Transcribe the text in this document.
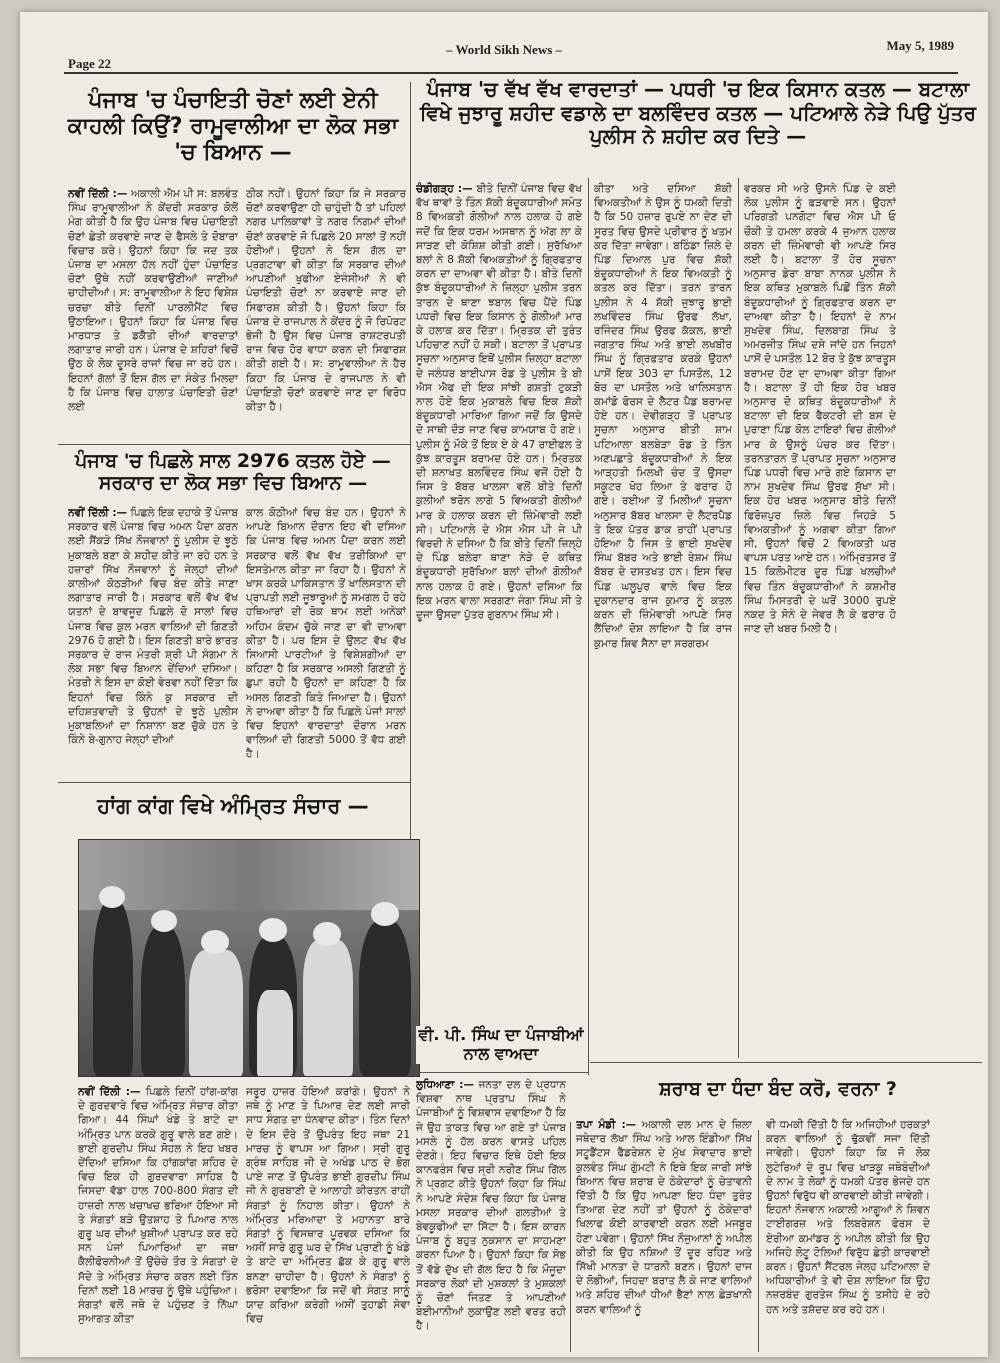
Page 22
– World Sikh News –	May 5, 1989
ਪੰਜਾਬ 'ਚ ਪੰਚਾਇਤੀ ਚੋਣਾਂ ਲਈ ਏਨੀ ਕਾਹਲੀ ਕਿਉਂ? ਰਾਮੂਵਾਲੀਆ ਦਾ ਲੋਕ ਸਭਾ 'ਚ ਬਿਆਨ —
ਨਵੀਂ ਦਿੱਲੀ :— ਅਕਾਲੀ ਐਮ ਪੀ ਸ: ਬਲਵੰਤ ਸਿੰਘ ਰਾਮੂਵਾਲੀਆ ਨੇ ਕੇਂਦਰੀ ਸਰਕਾਰ ਕੋਲੋਂ ਮੰਗ ਕੀਤੀ ਹੈ ਕਿ ਉਹ ਪੰਜਾਬ ਵਿਚ ਪੰਚਾਇਤੀ ਚੋਣਾਂ ਛੇਤੀ ਕਰਵਾਏ ਜਾਣ ਦੇ ਫੈਸਲੇ ਤੇ ਦੋਬਾਰਾ ਵਿਚਾਰ ਕਰੇ। ਉਹਨਾਂ ਕਿਹਾ ਕਿ ਜਦ ਤਕ ਪੰਜਾਬ ਦਾ ਮਸਲਾ ਹੱਲ ਨਹੀਂ ਹੁੰਦਾ ਪੰਚਾਇਤ ਚੋਣਾਂ ਉਥੇ ਨਹੀਂ ਕਰਵਾਉਣੀਆਂ ਜਾਣੀਆਂ ਚਾਹੀਦੀਆਂ। ਸ: ਰਾਮੂਵਾਲੀਆ ਨੇ ਇਹ ਵਿਸ਼ੇਸ਼ ਚਰਚਾ ਬੀਤੇ ਦਿਨੀਂ ਪਾਰਲੀਮੈਂਟ ਵਿਚ ਉਠਾਇਆ। ਉਹਨਾਂ ਕਿਹਾ ਕਿ ਪੰਜਾਬ ਵਿਚ ਮਾਰਧਾੜ ਤੇ ਡਕੈਤੀ ਦੀਆਂ ਵਾਰਦਾਤਾਂ ਲਗਾਤਾਰ ਜਾਰੀ ਹਨ। ਪੰਜਾਬ ਦੇ ਸ਼ਹਿਰਾਂ ਵਿਚੋਂ ਉਠ ਕੇ ਲੋਕ ਦੂਸਰੇ ਰਾਜਾਂ ਵਿਚ ਜਾ ਰਹੇ ਹਨ। ਇਹਨਾਂ ਗੱਲਾਂ ਤੋਂ ਇਸ ਗੱਲ ਦਾ ਸੰਕੇਤ ਮਿਲਦਾ ਹੈ ਕਿ ਪੰਜਾਬ ਵਿਚ ਹਾਲਾਤ ਪੰਚਾਇਤੀ ਚੋਣਾਂ ਲਈ
ਠੀਕ ਨਹੀਂ। ਉਹਨਾਂ ਕਿਹਾ ਕਿ ਜੇ ਸਰਕਾਰ ਚੋਣਾਂ ਕਰਵਾਉਣਾ ਹੀ ਚਾਹੁੰਦੀ ਹੈ ਤਾਂ ਪਹਿਲਾਂ ਨਗਰ ਪਾਲਿਕਾਵਾਂ ਤੇ ਨਗਰ ਨਿਗਮਾਂ ਦੀਆਂ ਚੋਣਾਂ ਕਰਵਾਏ ਜੋ ਪਿਛਲੇ 20 ਸਾਲਾਂ ਤੋਂ ਨਹੀਂ ਹੋਈਆਂ। ਉਹਨਾਂ ਨੇ ਇਸ ਗੱਲ ਦਾ ਪ੍ਰਗਟਾਵਾ ਵੀ ਕੀਤਾ ਕਿ ਸਰਕਾਰ ਦੀਆਂ ਆਪਣੀਆਂ ਖੁਫੀਆ ਏਜੰਸੀਆਂ ਨੇ ਵੀ ਪੰਚਾਇਤੀ ਚੋਣਾਂ ਨਾ ਕਰਵਾਏ ਜਾਣ ਦੀ ਸਿਫਾਰਸ਼ ਕੀਤੀ ਹੈ। ਉਹਨਾਂ ਕਿਹਾ ਕਿ ਪੰਜਾਬ ਦੇ ਰਾਜਪਾਲ ਨੇ ਕੇਂਦਰ ਨੂੰ ਜੋ ਰਿਪੋਰਟ ਭੇਜੀ ਹੈ ਉਸ ਵਿਚ ਪੰਜਾਬ ਰਾਸ਼ਟਰਪਤੀ ਰਾਜ ਵਿਚ ਹੋਰ ਵਾਧਾ ਕਰਨ ਦੀ ਸਿਫਾਰਸ਼ ਕੀਤੀ ਗਈ ਹੈ। ਸ: ਰਾਮੂਵਾਲੀਆ ਨੇ ਹੈਰ ਕਿਹਾ ਕਿ ਪੰਜਾਬ ਦੇ ਰਾਜਪਾਲ ਨੇ ਵੀ ਪੰਚਾਇਤੀ ਚੋਣਾਂ ਕਰਵਾਏ ਜਾਣ ਦਾ ਵਿਰੋਧ ਕੀਤਾ ਹੈ।
ਪੰਜਾਬ 'ਚ ਪਿਛਲੇ ਸਾਲ 2976 ਕਤਲ ਹੋਏ — ਸਰਕਾਰ ਦਾ ਲੋਕ ਸਭਾ ਵਿਚ ਬਿਆਨ —
ਨਵੀਂ ਦਿੱਲੀ :— ਪਿਛਲੇ ਇਕ ਦਹਾਕੇ ਤੋਂ ਪੰਜਾਬ ਸਰਕਾਰ ਵਲੋਂ ਪੰਜਾਬ ਵਿਚ ਅਮਨ ਪੈਦਾ ਕਰਨ ਲਈ ਸੈਂਕੜੇ ਸਿੱਖ ਨੌਜਵਾਨਾਂ ਨੂੰ ਪੁਲੀਸ ਦੇ ਝੂਠੇ ਮੁਕਾਬਲੇ ਬਣਾ ਕੇ ਸ਼ਹੀਦ ਕੀਤੇ ਜਾ ਰਹੇ ਹਨ ਤੇ ਹਜ਼ਾਰਾਂ ਸਿੱਖ ਨੌਜਵਾਨਾਂ ਨੂੰ ਜੇਲ੍ਹਾਂ ਦੀਆਂ ਕਾਲੀਆਂ ਕੋਠੜੀਆਂ ਵਿਚ ਬੰਦ ਕੀਤੇ ਜਾਣਾ ਲਗਾਤਾਰ ਜਾਰੀ ਹੈ। ਸਰਕਾਰ ਵਲੋਂ ਵੱਖ ਵੱਖ ਯਤਨਾਂ ਦੇ ਬਾਵਜੂਦ ਪਿਛਲੇ ਦੋ ਸਾਲਾਂ ਵਿਚ ਪੰਜਾਬ ਵਿਚ ਕੁਲ ਮਰਨ ਵਾਲਿਆਂ ਦੀ ਗਿਣਤੀ 2976 ਹੋ ਗਈ ਹੈ। ਇਸ ਗਿਣਤੀ ਬਾਰੇ ਭਾਰਤ ਸਰਕਾਰ ਦੇ ਰਾਜ ਮੰਤਰੀ ਸ਼੍ਰੀ ਪੀ ਸੰਗਮਾ ਨੇ ਲੋਕ ਸਭਾ ਵਿਚ ਬਿਆਨ ਦੇਂਦਿਆਂ ਦਸਿਆ। ਮੰਤਰੀ ਨੇ ਇਸ ਦਾ ਕੋਈ ਵੇਰਵਾ ਨਹੀਂ ਦਿੱਤਾ ਕਿ ਇਹਨਾਂ ਵਿਚ ਕਿੰਨੇ ਕੁ ਸਰਕਾਰ ਦੀ ਦਹਿਸ਼ਤਵਾਦੀ ਤੇ ਉਹਨਾਂ ਦੇ ਝੂਠੇ ਪੁਲੀਸ ਮੁਕਾਬਲਿਆਂ ਦਾ ਨਿਸ਼ਾਨਾ ਬਣ ਚੁੱਕੇ ਹਨ ਤੇ ਕਿੰਨੇ ਬੇ-ਗੁਨਾਹ ਜੇਲ੍ਹਾਂ ਦੀਆਂ
ਕਾਲ ਕੋਠੀਆਂ ਵਿਚ ਬੰਦ ਹਨ। ਉਹਨਾਂ ਨੇ ਆਪਣੇ ਬਿਆਨ ਦੌਰਾਨ ਇਹ ਵੀ ਦਸਿਆ ਕਿ ਪੰਜਾਬ ਵਿਚ ਅਮਨ ਪੈਦਾ ਕਰਨ ਲਈ ਸਰਕਾਰ ਵਲੋਂ ਵੱਖ ਵੱਖ ਤਰੀਕਿਆਂ ਦਾ ਇਸਤੇਮਾਲ ਕੀਤਾ ਜਾ ਰਿਹਾ ਹੈ। ਉਹਨਾਂ ਨੇ ਖਾਸ ਕਰਕੇ ਪਾਕਿਸਤਾਨ ਤੋਂ ਖਾਲਿਸਤਾਨ ਦੀ ਪ੍ਰਾਪਤੀ ਲਈ ਜੂਝਾਰੂਆਂ ਨੂੰ ਸਮਗਲ ਹੋ ਰਹੇ ਹਥਿਆਰਾਂ ਦੀ ਰੋਕ ਥਾਮ ਲਈ ਅਨੇਕਾਂ ਅਹਿਮ ਕੰਦਮ ਚੁੱਕੇ ਜਾਣ ਦਾ ਵੀ ਦਾਅਵਾ ਕੀਤਾ ਹੈ। ਪਰ ਇਸ ਦੇ ਉਲਟ ਵੱਖ ਵੱਖ ਸਿਆਸੀ ਪਾਰਟੀਆਂ ਤੇ ਵਿਸ਼ੇਸ਼ਗੀਆਂ ਦਾ ਕਹਿਣਾ ਹੈ ਕਿ ਸਰਕਾਰ ਅਸਲੀ ਗਿਣਤੀ ਨੂੰ ਛੁਪਾ ਰਹੀ ਹੈ ਉਹਨਾਂ ਦਾ ਕਹਿਣਾ ਹੈ ਕਿ ਅਸਲ ਗਿਣਤੀ ਕਿਤੇ ਜਿਆਦਾ ਹੈ। ਉਹਨਾਂ ਨੇ ਦਾਅਵਾ ਕੀਤਾ ਹੈ ਕਿ ਪਿਛਲੇ ਪੰਜਾਂ ਸਾਲਾਂ ਵਿਚ ਇਹਨਾਂ ਵਾਰਦਾਤਾਂ ਦੌਰਾਨ ਮਰਨ ਵਾਲਿਆਂ ਦੀ ਗਿਣਤੀ 5000 ਤੋਂ ਵੱਧ ਗਈ ਹੈ।
ਹਾਂਗ ਕਾਂਗ ਵਿਖੇ ਅੰਮ੍ਰਿਤ ਸੰਚਾਰ —
ਨਵੀਂ ਦਿੱਲੀ :— ਪਿਛਲੇ ਦਿਨੀਂ ਹਾਂਗ-ਕਾਂਗ ਦੇ ਗੁਰਦਵਾਰੇ ਵਿਚ ਅੰਮ੍ਰਿਤ ਸੰਚਾਰ ਕੀਤਾ ਗਿਆ। 44 ਸਿੰਘਾਂ ਖੰਡੇ ਤੇ ਬਾਟੇ ਦਾ ਅੰਮ੍ਰਿਤ ਪਾਨ ਕਰਕੇ ਗੁਰੂ ਵਾਲੇ ਬਣ ਗਏ। ਭਾਈ ਗੁਰਦੀਪ ਸਿੰਘ ਸੋਹਲ ਨੇ ਇਹ ਖਬਰ ਦੇਂਦਿਆਂ ਦਸਿਆ ਕਿ ਹਾਂਗਕਾਂਗ ਸ਼ਹਿਰ ਦੇ ਵਿਚ ਇਕ ਹੀ ਗੁਰਦਵਾਰਾ ਸਾਹਿਬ ਹੈ ਜਿਸਦਾ ਵੱਡਾ ਹਾਲ 700-800 ਸੰਗਤ ਦੀ ਹਾਜ਼ਰੀ ਨਾਲ ਖਚਾਖਚ ਭਰਿਆ ਹੋਇਆ ਸੀ ਤੇ ਸੰਗਤਾਂ ਬੜੇ ਉਤਸ਼ਾਹ ਤੇ ਪਿਆਰ ਨਾਲ ਗੁਰੂ ਘਰ ਦੀਆਂ ਖੁਸ਼ੀਆਂ ਪ੍ਰਾਪਤ ਕਰ ਰਹੇ ਸਨ ਪੰਜਾਂ ਪਿਆਰਿਆਂ ਦਾ ਜਥਾ ਕੈਲੀਫੋਰਨੀਆਂ ਤੋਂ ਉਚੇਚੇ ਤੌਰ ਤੇ ਸੰਗਤਾਂ ਦੇ ਸੱਦੇ ਤੇ ਅੰਮ੍ਰਿਤ ਸੰਚਾਰ ਕਰਨ ਲਈ ਤਿੰਨ ਦਿਨਾਂ ਲਈ 18 ਮਾਰਚ ਨੂੰ ਉਥੇ ਪਹੁੰਚਿਆ। ਸੰਗਤਾਂ ਵਲੋਂ ਜਥੇ ਦੇ ਪਹੁੰਚਣ ਤੇ ਨਿੱਘਾ ਸੁਆਗਤ ਕੀਤਾ
ਜਰੂਰ ਹਾਜ਼ਰ ਹੋਇਆਂ ਕਰਾਂਗੇ। ਉਹਨਾਂ ਨੇ ਜਥੇ ਨੂੰ ਮਾਣ ਤੇ ਪਿਆਰ ਦੇਣ ਲਈ ਸਾਰੀ ਸਾਧ ਸੰਗਤ ਦਾ ਧੰਨਵਾਦ ਕੀਤਾ। ਤਿੰਨ ਦਿਨਾਂ ਦੇ ਇਸ ਦੌਰੇ ਤੋਂ ਉਪਰੰਤ ਇਹ ਜਥਾ 21 ਮਾਰਚ ਨੂੰ ਵਾਪਸ ਆ ਗਿਆ। ਸ੍ਰੀ ਗੁਰੂ ਗ੍ਰੰਥ ਸਾਹਿਬ ਜੀ ਦੇ ਅਖੰਡ ਪਾਠ ਦੇ ਭੋਗ ਪਾਏ ਜਾਣ ਤੋਂ ਉਪਰੰਤ ਭਾਈ ਗੁਰਦੀਪ ਸਿੰਘ ਜੀ ਨੇ ਗੁਰਬਾਣੀ ਦੇ ਆਲਾਹੀ ਕੀਰਤਨ ਰਾਹੀਂ ਸੰਗਤਾਂ ਨੂੰ ਨਿਹਾਲ ਕੀਤਾ। ਉਹਨਾਂ ਨੇ ਅੰਮ੍ਰਿਤ ਮਰਿਆਦਾ ਤੇ ਮਹਾਨਤਾ ਬਾਰੇ ਸੰਗਤਾਂ ਨੂੰ ਵਿਸਥਾਰ ਪੂਰਵਕ ਦਸਿਆ ਕਿ ਅਸੀਂ ਸਾਰੇ ਗੁਰੂ ਘਰ ਦੇ ਸਿੱਖ ਪ੍ਰਾਣੀ ਨੂੰ ਖੰਡੇ ਤੇ ਬਾਟੇ ਦਾ ਅੰਮ੍ਰਿਤ ਛੱਕ ਕੇ ਗੁਰੂ ਵਾਲੇ ਬਨਣਾ ਚਾਹੀਦਾ ਹੈ। ਉਹਨਾਂ ਨੇ ਸੰਗਤਾਂ ਨੂੰ ਭਰੋਸਾ ਦਵਾਇਆ ਕਿ ਜਦੋਂ ਵੀ ਸੰਗਤ ਸਾਨੂੰ ਯਾਦ ਕਰਿਆ ਕਰੇਗੀ ਅਸੀਂ ਤੁਹਾਡੀ ਸੇਵਾ ਵਿਚ
ਪੰਜਾਬ 'ਚ ਵੱਖ ਵੱਖ ਵਾਰਦਾਤਾਂ — ਪਧਰੀ 'ਚ ਇਕ ਕਿਸਾਨ ਕਤਲ — ਬਟਾਲਾ ਵਿਖੇ ਜੁਝਾਰੂ ਸ਼ਹੀਦ ਵਡਾਲੇ ਦਾ ਬਲਵਿੰਦਰ ਕਤਲ — ਪਟਿਆਲੇ ਨੇੜੇ ਪਿਉ ਪੁੱਤਰ ਪੁਲੀਸ ਨੇ ਸ਼ਹੀਦ ਕਰ ਦਿਤੇ —
ਚੰਡੀਗੜ੍ਹ :— ਬੀਤੇ ਦਿਨੀਂ ਪੰਜਾਬ ਵਿਚ ਵੱਖ ਵੱਖ ਥਾਵਾਂ ਤੇ ਤਿੰਨ ਸ਼ੱਕੀ ਬੰਦੂਕਧਾਰੀਆਂ ਸਮੇਤ 8 ਵਿਅਕਤੀ ਗੋਲੀਆਂ ਨਾਲ ਹਲਾਕ ਹੋ ਗਏ ਜਦੋਂ ਕਿ ਇਕ ਧਰਮ ਅਸਥਾਨ ਨੂੰ ਅੱਗ ਲਾ ਕੇ ਸਾੜਣ ਦੀ ਕੋਸ਼ਿਸ਼ ਕੀਤੀ ਗਈ। ਸੁਰੱਖਿਆ ਬਲਾਂ ਨੇ 8 ਸ਼ੱਕੀ ਵਿਅਕਤੀਆਂ ਨੂੰ ਗ੍ਰਿਫਤਾਰ ਕਰਨ ਦਾ ਦਾਅਵਾ ਵੀ ਕੀਤਾ ਹੈ। ਬੀਤੇ ਦਿਨੀਂ ਕੁੱਝ ਬੰਦੂਕਧਾਰੀਆਂ ਨੇ ਜ਼ਿਲ੍ਹਾ ਪੁਲੀਸ ਤਰਨ ਤਾਰਨ ਦੇ ਥਾਣਾ ਝਬਾਲ ਵਿਚ ਪੈਂਦੇ ਪਿੰਡ ਪਧਰੀ ਵਿਚ ਇਕ ਕਿਸਾਨ ਨੂੰ ਗੋਲੀਆਂ ਮਾਰ ਕੇ ਹਲਾਕ ਕਰ ਦਿੱਤਾ। ਮ੍ਰਿਤਕ ਦੀ ਤੁਰੰਤ ਪਹਿਚਾਣ ਨਹੀਂ ਹੋ ਸਕੀ। ਬਟਾਲਾ ਤੋਂ ਪ੍ਰਾਪਤ ਸੂਚਨਾ ਅਨੁਸਾਰ ਇਥੋਂ ਪੁਲੀਸ ਜ਼ਿਲ੍ਹਾ ਬਟਾਲਾ ਦੇ ਜਲੰਧਰ ਬਾਈਪਾਸ ਰੋਡ ਤੇ ਪੁਲੀਸ ਤੇ ਬੀ ਐਸ ਐਫ ਦੀ ਇਕ ਸਾਂਝੀ ਗਸ਼ਤੀ ਟੁਕੜੀ ਨਾਲ ਹੋਏ ਇਕ ਮੁਕਾਬਲੇ ਵਿਚ ਇਕ ਸ਼ੱਕੀ ਬੰਦੂਕਧਾਰੀ ਮਾਰਿਆ ਗਿਆ ਜਦੋਂ ਕਿ ਉਸਦੇ ਦੋ ਸਾਥੀ ਦੌੜ ਜਾਣ ਵਿਚ ਕਾਮਯਾਬ ਹੋ ਗਏ। ਪੁਲੀਸ ਨੂੰ ਮੌਕੇ ਤੋਂ ਇਕ ਏ ਕੇ 47 ਰਾਈਫਲ ਤੇ ਕੁੱਝ ਕਾਰਤੂਸ ਬਰਾਮਦ ਹੋਏ ਹਨ। ਮ੍ਰਿਤਕ ਦੀ ਸ਼ਨਾਖਤ ਬਲਵਿੰਦਰ ਸਿੰਘ ਵਜੋਂ ਹੋਈ ਹੈ ਜਿਸ ਤੇ ਬੱਬਰ ਖਾਲਸਾ ਵਲੋਂ ਬੀਤੇ ਦਿਨੀਂ ਕੁਲੀਆਂ ਝਰੋਨ ਲਾਗੇ 5 ਵਿਅਕਤੀ ਗੋਲੀਆਂ ਮਾਰ ਕੇ ਹਲਾਕ ਕਰਨ ਦੀ ਜ਼ਿੰਮੇਵਾਰੀ ਲਈ ਸੀ। ਪਟਿਆਲੇ ਦੇ ਐਸ ਐਸ ਪੀ ਜੇ ਪੀ ਵਿਰਦੀ ਨੇ ਦਸਿਆ ਹੈ ਕਿ ਬੀਤੇ ਦਿਨੀਂ ਜ਼ਿਲ੍ਹੇ ਦੇ ਪਿੰਡ ਬਲੇਰਾ ਥਾਣਾ ਨੇੜੇ ਦੋ ਕਥਿਤ ਬੰਦੂਕਧਾਰੀ ਸੁਰੱਖਿਆ ਬਲਾਂ ਦੀਆਂ ਗੋਲੀਆਂ ਨਾਲ ਹਲਾਕ ਹੋ ਗਏ। ਉਹਨਾਂ ਦਸਿਆ ਕਿ ਇਕ ਮਰਨ ਵਾਲਾ ਸਰਗਣਾ ਜੰਗਾ ਸਿੰਘ ਸੀ ਤੇ ਦੂਜਾ ਉਸਦਾ ਪੁੱਤਰ ਗੁਰਨਾਮ ਸਿੰਘ ਸੀ।
ਕੀਤਾ ਅਤੇ ਦਸਿਆ ਸ਼ੱਕੀ ਵਿਅਕਤੀਆਂ ਨੇ ਉਸ ਨੂੰ ਧਮਕੀ ਦਿਤੀ ਹੈ ਕਿ 50 ਹਜ਼ਾਰ ਰੁਪਏ ਨਾ ਦੇਣ ਦੀ ਸੂਰਤ ਵਿਚ ਉਸਦੇ ਪ੍ਰੀਵਾਰ ਨੂੰ ਖਤਮ ਕਰ ਦਿੱਤਾ ਜਾਵੇਗਾ। ਬਠਿੰਡਾ ਜ਼ਿਲੇ ਦੇ ਪਿੰਡ ਦਿਆਲ ਪੁਰ ਵਿਚ ਸ਼ੱਕੀ ਬੰਦੂਕਧਾਰੀਆਂ ਨੇ ਇਕ ਵਿਅਕਤੀ ਨੂੰ ਕਤਲ ਕਰ ਦਿੱਤਾ। ਤਰਨ ਤਾਰਨ ਪੁਲੀਸ ਨੇ 4 ਸ਼ੱਕੀ ਜੁਝਾਰੂ ਭਾਈ ਲਖਵਿੰਦਰ ਸਿੰਘ ਉਰਫ ਲੱਖਾ, ਰਜਿੰਦਰ ਸਿੰਘ ਉਰਫ ਕੱਕਲ, ਭਾਈ ਜਗਤਾਰ ਸਿੰਘ ਅਤੇ ਭਾਈ ਲਖਬੀਰ ਸਿੰਘ ਨੂੰ ਗ੍ਰਿਫਤਾਰ ਕਰਕੇ ਉਹਨਾਂ ਪਾਸੋਂ ਇਕ 303 ਦਾ ਪਿਸਤੌਲ, 12 ਬੋਰ ਦਾ ਪਸਤੌਲ ਅਤੇ ਖਾਲਿਸਤਾਨ ਕਮਾਂਡੋ ਫੋਰਸ ਦੇ ਲੈਟਰ ਪੈਡ ਬਰਾਮਦ ਹੋਏ ਹਨ। ਦੇਵੀਗੜ੍ਹ ਤੋਂ ਪ੍ਰਾਪਤ ਸੂਚਨਾ ਅਨੁਸਾਰ ਬੀਤੀ ਸ਼ਾਮ ਪਟਿਆਲਾ ਬਲਬੇੜਾ ਰੋਡ ਤੇ ਤਿੰਨ ਅਣਪਛਾਤੇ ਬੰਦੂਕਧਾਰੀਆਂ ਨੇ ਇਕ ਆੜ੍ਹਤੀ ਮਿਲਖੀ ਚੰਦ ਤੋਂ ਉਸਦਾ ਸਕੂਟਰ ਖੋਹ ਲਿਆ ਤੇ ਫਰਾਰ ਹੋ ਗਏ। ਰਈਆ ਤੋਂ ਮਿਲੀਆਂ ਸੂਚਨਾ ਅਨੁਸਾਰ ਬੱਬਰ ਖਾਲਸਾ ਦੇ ਲੈਟਰਪੈਡ ਤੇ ਇਕ ਪੱਤਰ ਡਾਕ ਰਾਹੀਂ ਪ੍ਰਾਪਤ ਹੋਇਆ ਹੈ ਜਿਸ ਤੇ ਭਾਈ ਸੁਖਦੇਵ ਸਿੰਘ ਬੱਬਰ ਅਤੇ ਭਾਈ ਰੇਸ਼ਮ ਸਿੰਘ ਬੱਬਰ ਦੇ ਦਸਤਖਤ ਹਨ। ਇਸ ਵਿਚ ਪਿੰਡ ਘਲੂਪੁਰ ਵਾਲੇ ਵਿਚ ਇਕ ਦੁਕਾਨਦਾਰ ਰਾਜ ਕੁਮਾਰ ਨੂੰ ਕਤਲ ਕਰਨ ਦੀ ਜ਼ਿੰਮੇਵਾਰੀ ਆਪਣੇ ਸਿਰ ਲੈਂਦਿਆਂ ਦੋਸ਼ ਲਾਇਆ ਹੈ ਕਿ ਰਾਜ ਕੁਮਾਰ ਸ਼ਿਵ ਸੈਨਾ ਦਾ ਸਰਗਰਮ
ਵਰਕਰ ਸੀ ਅਤੇ ਉਸਨੇ ਪਿੰਡ ਦੇ ਕਈ ਲੋਕ ਪੁਲੀਸ ਨੂੰ ਫੜਵਾਏ ਸਨ। ਉਹਨਾਂ ਪਰਿਗਤੀ ਪਨਗੋਟਾ ਵਿਚ ਐਸ ਪੀ ਓ ਚੌਕੀ ਤੇ ਹਮਲਾ ਕਰਕੇ 4 ਜੁਆਨ ਹਲਾਕ ਕਰਨ ਦੀ ਜ਼ਿੰਮੇਵਾਰੀ ਵੀ ਆਪਣੇ ਸਿਰ ਲਈ ਹੈ। ਬਟਾਲਾ ਤੋਂ ਹੋਰ ਸੂਚਨਾ ਅਨੁਸਾਰ ਡੇਰਾ ਬਾਬਾ ਨਾਨਕ ਪੁਲੀਸ ਨੇ ਇਕ ਕਥਿਤ ਮੁਕਾਬਲੇ ਪਿਛੋਂ ਤਿੰਨ ਸ਼ੱਕੀ ਬੰਦੂਕਧਾਰੀਆਂ ਨੂੰ ਗ੍ਰਿਫਤਾਰ ਕਰਨ ਦਾ ਦਾਅਵਾ ਕੀਤਾ ਹੈ। ਇਹਨਾਂ ਦੇ ਨਾਮ ਸੁਖਦੇਵ ਸਿੰਘ, ਦਿਲਬਾਗ ਸਿੰਘ ਤੇ ਅਮਰਜੀਤ ਸਿੰਘ ਦਸੇ ਜਾਂਦੇ ਹਨ ਜਿਹਨਾਂ ਪਾਸੋਂ ਦੋ ਪਸਤੌਲ 12 ਬੋਰ ਤੇ ਕੁੱਝ ਕਾਰਤੂਸ ਬਰਾਮਦ ਹੋਣ ਦਾ ਦਾਅਵਾ ਕੀਤਾ ਗਿਆ ਹੈ। ਬਟਾਲਾ ਤੋਂ ਹੀ ਇਕ ਹੋਰ ਖਬਰ ਅਨੁਸਾਰ ਦੋ ਕਥਿਤ ਬੰਦੂਕਧਾਰੀਆਂ ਨੇ ਬਟਾਲਾ ਦੀ ਇਕ ਫੈਕਟਰੀ ਦੀ ਬਸ ਦੇ ਪੁਰਾਣਾ ਪਿੰਡ ਕੋਲ ਟਾਇਰਾਂ ਵਿਚ ਗੋਲੀਆਂ ਮਾਰ ਕੇ ਉਸਨੂੰ ਪੰਚਰ ਕਰ ਦਿੱਤਾ। ਤਰਨਤਾਰਨ ਤੋਂ ਪ੍ਰਾਪਤ ਸੂਚਨਾ ਅਨੁਸਾਰ ਪਿੰਡ ਪਧਰੀ ਵਿਚ ਮਾਰੇ ਗਏ ਕਿਸਾਨ ਦਾ ਨਾਮ ਸੁਖਦੇਵ ਸਿੰਘ ਉਰਫ ਸੁੱਖਾ ਸੀ। ਇਕ ਹੋਰ ਖਬਰ ਅਨੁਸਾਰ ਬੀਤੇ ਦਿਨੀਂ ਫਿਰੋਜ਼ਪੁਰ ਜ਼ਿਲੇ ਵਿਚ ਜਿਹੜੇ 5 ਵਿਅਕਤੀਆਂ ਨੂੰ ਅਗਵਾ ਕੀਤਾ ਗਿਆ ਸੀ, ਉਹਨਾਂ ਵਿਚੋਂ 2 ਵਿਅਕਤੀ ਘਰ ਵਾਪਸ ਪਰਤ ਆਏ ਹਨ। ਅੰਮ੍ਰਿਤਸਰ ਤੋਂ 15 ਕਿਲੋਮੀਟਰ ਦੂਰ ਪਿੰਡ ਖਲਚੀਆਂ ਵਿਚ ਤਿੰਨ ਬੰਦੂਕਧਾਰੀਆਂ ਨੇ ਕਸ਼ਮੀਰ ਸਿੰਘ ਮਿਸਤਰੀ ਦੇ ਘਰੋਂ 3000 ਰੁਪਏ ਨਕਦ ਤੇ ਸੋਨੇ ਦੇ ਜੇਵਰ ਲੈ ਕੇ ਫਰਾਰ ਹੋ ਜਾਣ ਦੀ ਖਬਰ ਮਿਲੀ ਹੈ।
ਵੀ. ਪੀ. ਸਿੰਘ ਦਾ ਪੰਜਾਬੀਆਂ ਨਾਲ ਵਾਅਦਾ
ਲੁਧਿਆਣਾ :— ਜਨਤਾ ਦਲ ਦੇ ਪ੍ਰਧਾਨ ਵਿਸ਼ਵਾ ਨਾਥ ਪ੍ਰਤਾਪ ਸਿੰਘ ਨੇ ਪੰਜਾਬੀਆਂ ਨੂੰ ਵਿਸ਼ਵਾਸ ਦਵਾਇਆ ਹੈ ਕਿ ਜੇ ਉਹ ਤਾਕਤ ਵਿਚ ਆ ਗਏ ਤਾਂ ਪੰਜਾਬ ਮਸਲੇ ਨੂੰ ਹੱਲ ਕਰਨ ਵਾਸਤੇ ਪਹਿਲ ਦੇਣਗੇ। ਇਹ ਵਿਚਾਰ ਇਥੇ ਹੋਈ ਇਕ ਕਾਨਫਰੰਸ ਵਿਚ ਸ੍ਰੀ ਨਰੀਣ ਸਿੰਘ ਗਿੱਲ ਨੇ ਪ੍ਰਗਟ ਕੀਤੇ ਉਹਨਾਂ ਕਿਹਾ ਕਿ ਸਿੰਘ ਨੇ ਆਪਣੇ ਸੰਦੇਸ਼ ਵਿਚ ਕਿਹਾ ਕਿ ਪੰਜਾਬ ਮਸਲਾ ਸਰਕਾਰ ਦੀਆਂ ਗਲਤੀਆਂ ਤੇ ਬੇਵਕੂਫੀਆਂ ਦਾ ਸਿੱਟਾ ਹੈ। ਇਸ ਕਾਰਨ ਪੰਜਾਬ ਨੂੰ ਬਹੁਤ ਨੁਕਸਾਨ ਦਾ ਸਾਹਮਣਾ ਕਰਨਾ ਪਿਆ ਹੈ। ਉਹਨਾਂ ਕਿਹਾ ਕਿ ਸੋਭ ਤੋਂ ਵੱਡੇ ਦੁੱਖ ਦੀ ਗੱਲ ਇਹ ਹੈ ਕਿ ਮੌਜੂਦਾ ਸਰਕਾਰ ਲੋਕਾਂ ਦੀ ਮੁਸ਼ਕਲਾਂ ਤੇ ਮੁਸ਼ਕਲਾਂ ਨੂੰ ਚੋਣਾਂ ਜਿਤਣ ਤੇ ਆਪਣੀਆਂ ਬੇਈਮਾਨੀਆਂ ਲੁਕਾਉਣ ਲਈ ਵਰਤ ਰਹੀ ਹੈ।
ਸ਼ਰਾਬ ਦਾ ਧੰਦਾ ਬੰਦ ਕਰੋ, ਵਰਨਾ ?
ਤਪਾ ਮੰਡੀ :— ਅਕਾਲੀ ਦਲ ਮਾਨ ਦੇ ਜ਼ਿਲਾ ਜਥੇਦਾਰ ਲੱਖਾ ਸਿੰਘ ਅਤੇ ਆਲ ਇੰਡੀਆ ਸਿੱਖ ਸਟੂਡੈਂਟਸ ਫੈਡਰੇਸ਼ਨ ਦੇ ਮੁੱਖ ਸੇਵਾਦਾਰ ਭਾਈ ਕੁਲਵੰਤ ਸਿੰਘ ਗੁੰਮਟੀ ਨੇ ਇਥੇ ਇਕ ਜਾਰੀ ਸਾਂਝੇ ਬਿਆਨ ਵਿਚ ਸ਼ਰਾਬ ਦੇ ਠੇਕੇਦਾਰਾਂ ਨੂੰ ਚੇਤਾਵਨੀ ਦਿੱਤੀ ਹੈ ਕਿ ਉਹ ਆਪਣਾ ਇਹ ਧੰਦਾ ਤੁਰੰਤ ਤਿਆਗ ਦੇਣ ਨਹੀਂ ਤਾਂ ਉਹਨਾਂ ਨੂੰ ਠੇਕੇਦਾਰਾਂ ਖਿਲਾਫ ਕੋਈ ਕਾਰਵਾਈ ਕਰਨ ਲਈ ਮਜਬੂਰ ਹੋਣਾ ਪਵੇਗਾ। ਉਹਨਾਂ ਸਿੱਖ ਨੌਜੁਆਨਾਂ ਨੂੰ ਅਪੀਲ ਕੀਤੀ ਕਿ ਉਹ ਨਸ਼ਿਆਂ ਤੋਂ ਦੂਰ ਰਹਿਣ ਅਤੇ ਸਿੱਖੀ ਮਾਨਤਾ ਦੇ ਧਾਰਨੀ ਬਣਨ। ਉਹਨਾਂ ਦਾਜ ਦੇ ਲੋਭੀਆਂ, ਜਿਹਦਾ ਬਰਾਤ ਲੈ ਕੇ ਜਾਣ ਵਾਲਿਆਂ ਅਤੇ ਸ਼ਹਿਰ ਦੀਆਂ ਧੀਆਂ ਭੈਣਾਂ ਨਾਲ ਛੇੜਖਾਨੀ ਕਰਨ ਵਾਲਿਆਂ ਨੂੰ
ਵੀ ਧਮਕੀ ਦਿੱਤੀ ਹੈ ਕਿ ਅਜਿਹੀਆਂ ਹਰਕਤਾਂ ਕਰਨ ਵਾਲਿਆਂ ਨੂੰ ਢੁੱਕਵੀਂ ਸਜਾ ਦਿੱਤੀ ਜਾਵੇਗੀ। ਉਹਨਾਂ ਕਿਹਾ ਕਿ ਜੋ ਲੋਕ ਲੁਟੇਰਿਆਂ ਦੇ ਰੂਪ ਵਿਚ ਖਾੜਕੂ ਜਥੇਬੰਦੀਆਂ ਦੇ ਨਾਮ ਤੇ ਲੋਕਾਂ ਨੂੰ ਧਮਕੀ ਪੱਤਰ ਭੇਜਦੇ ਹਨ ਉਹਨਾਂ ਵਿਰੁੱਧ ਵੀ ਕਾਰਵਾਈ ਕੀਤੀ ਜਾਵੇਗੀ। ਇਹਨਾਂ ਨੌਜਵਾਨ ਅਕਾਲੀ ਆਗੂਆਂ ਨੇ ਸ਼ਿਵਨ ਟਾਈਗਰਜ਼ ਅਤੇ ਲਿਬਰੇਸ਼ਨ ਫੋਰਸ ਦੇ ਏਰੀਆ ਕਮਾਂਡਰ ਨੂੰ ਅਪੀਲ ਕੀਤੀ ਕਿ ਉਹ ਅਜਿਹੇ ਲੋਟੂ ਟੋਲਿਆਂ ਵਿਰੁੱਧ ਛੇਤੀ ਕਾਰਵਾਈ ਕਰਨ। ਉਹਨਾਂ ਸੈਂਟਰਲ ਜੇਲ੍ਹ ਪਟਿਆਲਾ ਦੇ ਅਧਿਕਾਰੀਆਂ ਤੇ ਵੀ ਦੋਸ਼ ਲਾਇਆ ਕਿ ਉਹ ਨਜ਼ਰਬੰਦ ਗੁਰਤੇਜ ਸਿੰਘ ਨੂੰ ਤਸੀਹੇ ਦੇ ਰਹੇ ਹਨ ਅਤੇ ਤਸ਼ੱਦਦ ਕਰ ਰਹੇ ਹਨ।
